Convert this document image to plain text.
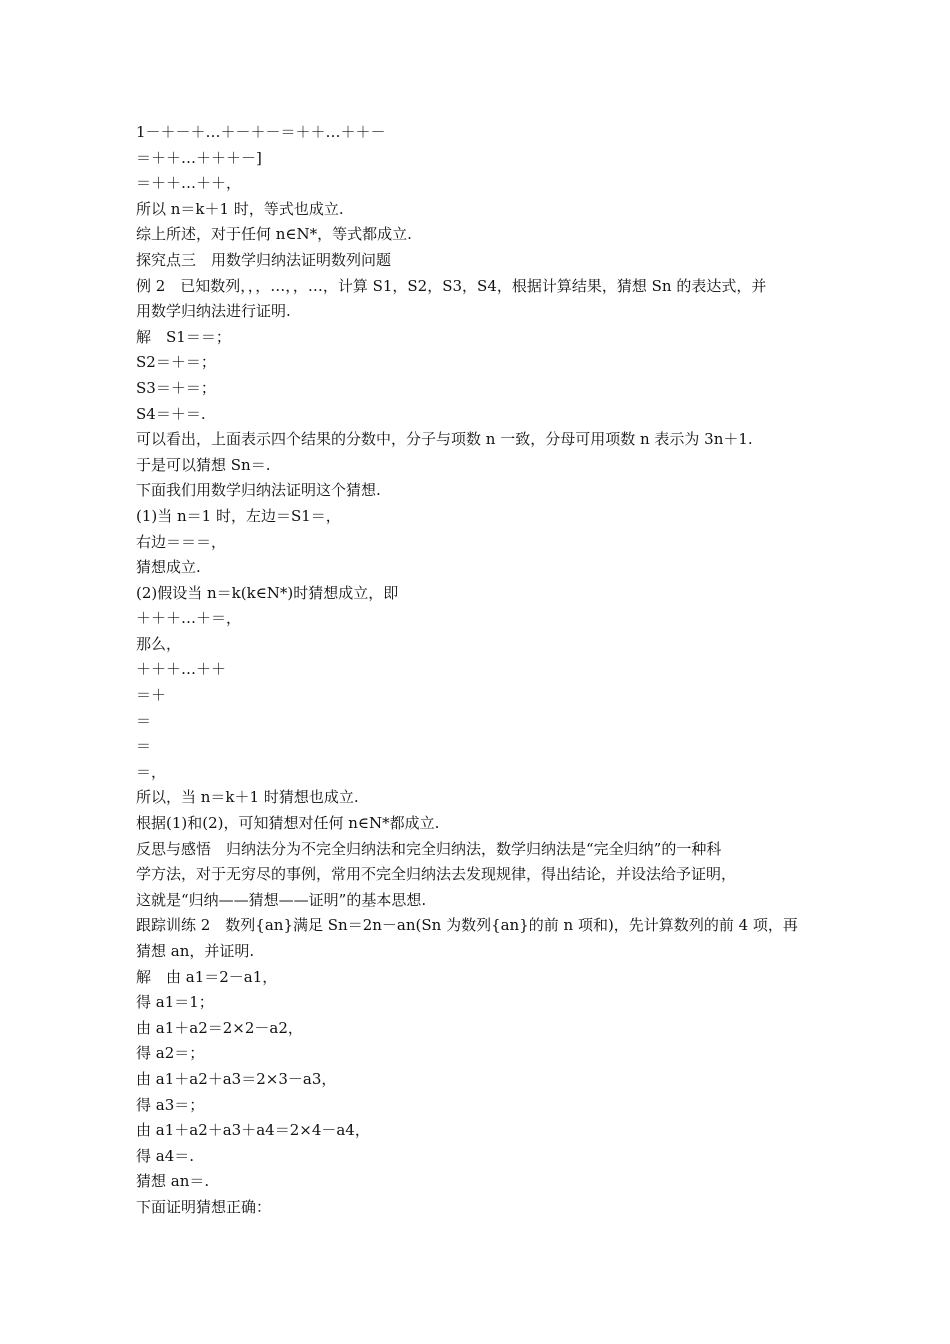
1－＋－＋…＋－＋－＝＋＋…＋＋－
＝＋＋…＋＋＋－]
＝＋＋…＋＋，
所以 n＝k＋1 时，等式也成立.
综上所述，对于任何 n∈N*，等式都成立.
探究点三　用数学归纳法证明数列问题
例 2　已知数列，，，…，，…，计算 S1，S2，S3，S4，根据计算结果，猜想 Sn 的表达式，并
用数学归纳法进行证明.
解　S1＝＝；
S2＝＋＝；
S3＝＋＝；
S4＝＋＝.
可以看出，上面表示四个结果的分数中，分子与项数 n 一致，分母可用项数 n 表示为 3n＋1.
于是可以猜想 Sn＝.
下面我们用数学归纳法证明这个猜想.
(1)当 n＝1 时，左边＝S1＝，
右边＝＝＝，
猜想成立.
(2)假设当 n＝k(k∈N*)时猜想成立，即
＋＋＋…＋＝，
那么，
＋＋＋…＋＋
＝＋
＝
＝
＝，
所以，当 n＝k＋1 时猜想也成立.
根据(1)和(2)，可知猜想对任何 n∈N*都成立.
反思与感悟　归纳法分为不完全归纳法和完全归纳法，数学归纳法是“完全归纳”的一种科
学方法，对于无穷尽的事例，常用不完全归纳法去发现规律，得出结论，并设法给予证明，
这就是“归纳——猜想——证明”的基本思想.
跟踪训练 2　数列{an}满足 Sn＝2n－an(Sn 为数列{an}的前 n 项和)，先计算数列的前 4 项，再
猜想 an，并证明.
解　由 a1＝2－a1，
得 a1＝1；
由 a1＋a2＝2×2－a2，
得 a2＝；
由 a1＋a2＋a3＝2×3－a3，
得 a3＝；
由 a1＋a2＋a3＋a4＝2×4－a4，
得 a4＝.
猜想 an＝.
下面证明猜想正确：
